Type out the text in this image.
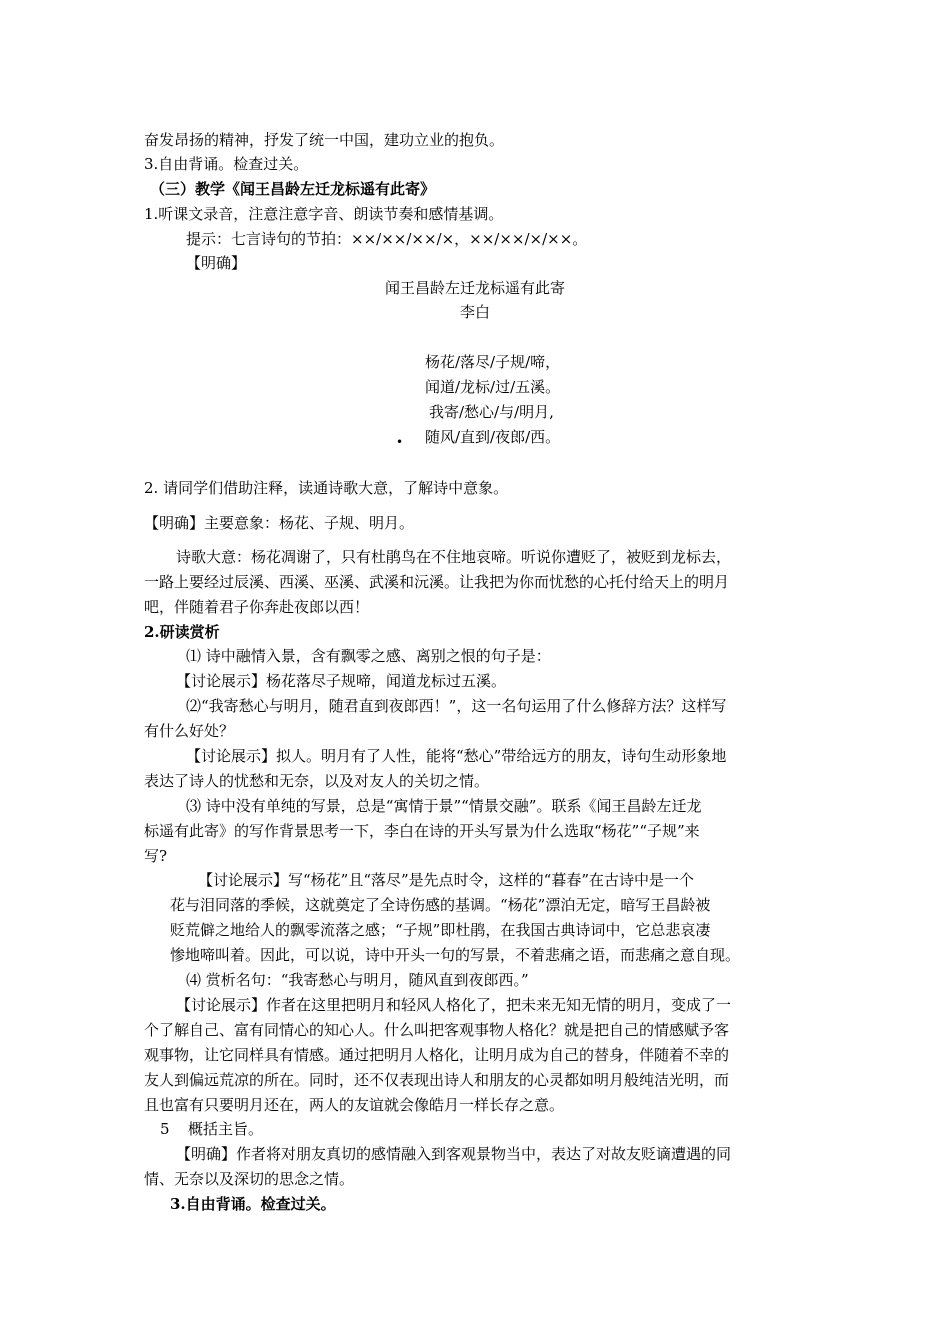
奋发昂扬的精神，抒发了统一中国，建功立业的抱负。
3.自由背诵。检查过关。
（三）教学《闻王昌龄左迁龙标遥有此寄》
1.听课文录音，注意注意字音、朗读节奏和感情基调。
提示：七言诗句的节拍：××/××/××/×，××/××/×/××。
【明确】
闻王昌龄左迁龙标遥有此寄
李白
杨花/落尽/子规/啼，
闻道/龙标/过/五溪。
我寄/愁心/与/明月,
• 随风/直到/夜郎/西。
2. 请同学们借助注释，读通诗歌大意，了解诗中意象。
【明确】主要意象：杨花、子规、明月。
诗歌大意：杨花凋谢了，只有杜鹃鸟在不住地哀啼。听说你遭贬了，被贬到龙标去，
一路上要经过辰溪、西溪、巫溪、武溪和沅溪。让我把为你而忧愁的心托付给天上的明月
吧，伴随着君子你奔赴夜郎以西！
2.研读赏析
⑴ 诗中融情入景，含有飘零之感、离别之恨的句子是：
【讨论展示】杨花落尽子规啼，闻道龙标过五溪。
⑵“我寄愁心与明月，随君直到夜郎西！”，这一名句运用了什么修辞方法？这样写
有什么好处？
【讨论展示】拟人。明月有了人性，能将“愁心”带给远方的朋友，诗句生动形象地
表达了诗人的忧愁和无奈，以及对友人的关切之情。
⑶ 诗中没有单纯的写景，总是“寓情于景”“情景交融”。联系《闻王昌龄左迁龙
标遥有此寄》的写作背景思考一下，李白在诗的开头写景为什么选取“杨花”“子规”来
写?
【讨论展示】写“杨花”且“落尽”是先点时令，这样的“暮春”在古诗中是一个
花与泪同落的季候，这就奠定了全诗伤感的基调。“杨花”漂泊无定，暗写王昌龄被
贬荒僻之地给人的飘零流落之感；“子规”即杜鹃，在我国古典诗词中，它总悲哀凄
惨地啼叫着。因此，可以说，诗中开头一句的写景，不着悲痛之语，而悲痛之意自现。
⑷ 赏析名句：“我寄愁心与明月，随风直到夜郎西。”
【讨论展示】作者在这里把明月和轻风人格化了，把未来无知无情的明月，变成了一
个了解自己、富有同情心的知心人。什么叫把客观事物人格化？就是把自己的情感赋予客
观事物，让它同样具有情感。通过把明月人格化，让明月成为自己的替身，伴随着不幸的
友人到偏远荒凉的所在。同时，还不仅表现出诗人和朋友的心灵都如明月般纯洁光明，而
且也富有只要明月还在，两人的友谊就会像皓月一样长存之意。
5 概括主旨。
【明确】作者将对朋友真切的感情融入到客观景物当中，表达了对故友贬谪遭遇的同
情、无奈以及深切的思念之情。
3.自由背诵。检查过关。
